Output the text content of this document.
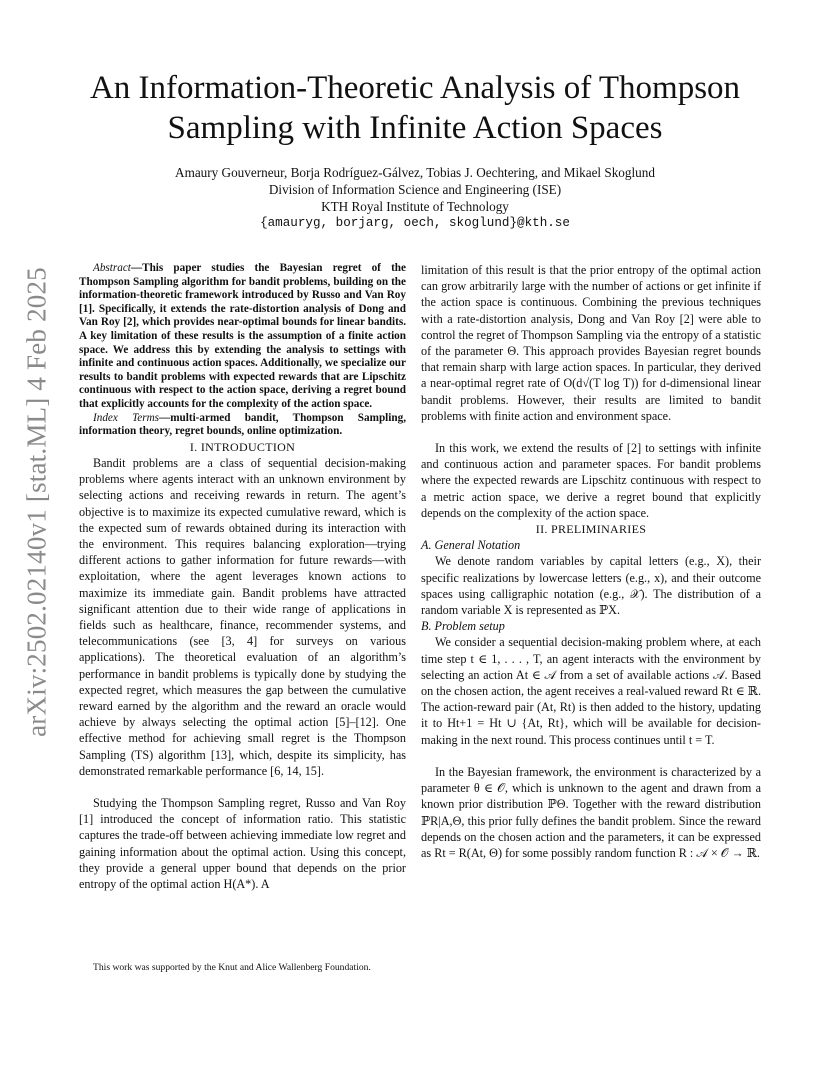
arXiv:2502.02140v1 [stat.ML] 4 Feb 2025
An Information-Theoretic Analysis of Thompson Sampling with Infinite Action Spaces
Amaury Gouverneur, Borja Rodríguez-Gálvez, Tobias J. Oechtering, and Mikael Skoglund
Division of Information Science and Engineering (ISE)
KTH Royal Institute of Technology
{amauryg, borjarg, oech, skoglund}@kth.se

Abstract—This paper studies the Bayesian regret of the Thompson Sampling algorithm for bandit problems, building on the information-theoretic framework introduced by Russo and Van Roy [1]. Specifically, it extends the rate-distortion analysis of Dong and Van Roy [2], which provides near-optimal bounds for linear bandits. A key limitation of these results is the assumption of a finite action space. We address this by extending the analysis to settings with infinite and continuous action spaces. Additionally, we specialize our results to bandit problems with expected rewards that are Lipschitz continuous with respect to the action space, deriving a regret bound that explicitly accounts for the complexity of the action space.

Index Terms—multi-armed bandit, Thompson Sampling, information theory, regret bounds, online optimization.

I. INTRODUCTION

Bandit problems are a class of sequential decision-making problems where agents interact with an unknown environment by selecting actions and receiving rewards in return. The agent’s objective is to maximize its expected cumulative reward, which is the expected sum of rewards obtained during its interaction with the environment. This requires balancing exploration—trying different actions to gather information for future rewards—with exploitation, where the agent leverages known actions to maximize its immediate gain. Bandit problems have attracted significant attention due to their wide range of applications in fields such as healthcare, finance, recommender systems, and telecommunications (see [3, 4] for surveys on various applications). The theoretical evaluation of an algorithm’s performance in bandit problems is typically done by studying the expected regret, which measures the gap between the cumulative reward earned by the algorithm and the reward an oracle would achieve by always selecting the optimal action [5]–[12]. One effective method for achieving small regret is the Thompson Sampling (TS) algorithm [13], which, despite its simplicity, has demonstrated remarkable performance [6, 14, 15].

Studying the Thompson Sampling regret, Russo and Van Roy [1] introduced the concept of information ratio. This statistic captures the trade-off between achieving immediate low regret and gaining information about the optimal action. Using this concept, they provide a general upper bound that depends on the prior entropy of the optimal action H(A*). A

This work was supported by the Knut and Alice Wallenberg Foundation.

limitation of this result is that the prior entropy of the optimal action can grow arbitrarily large with the number of actions or get infinite if the action space is continuous. Combining the previous techniques with a rate-distortion analysis, Dong and Van Roy [2] were able to control the regret of Thompson Sampling via the entropy of a statistic of the parameter Θ. This approach provides Bayesian regret bounds that remain sharp with large action spaces. In particular, they derived a near-optimal regret rate of O(d√(T log T)) for d-dimensional linear bandit problems. However, their results are limited to bandit problems with finite action and environment space.

In this work, we extend the results of [2] to settings with infinite and continuous action and parameter spaces. For bandit problems where the expected rewards are Lipschitz continuous with respect to a metric action space, we derive a regret bound that explicitly depends on the complexity of the action space.

II. PRELIMINARIES

A. General Notation

We denote random variables by capital letters (e.g., X), their specific realizations by lowercase letters (e.g., x), and their outcome spaces using calligraphic notation (e.g., 𝒳). The distribution of a random variable X is represented as ℙX.

B. Problem setup

We consider a sequential decision-making problem where, at each time step t ∈ 1, . . . , T, an agent interacts with the environment by selecting an action At ∈ 𝒜 from a set of available actions 𝒜. Based on the chosen action, the agent receives a real-valued reward Rt ∈ ℝ. The action-reward pair (At, Rt) is then added to the history, updating it to Ht+1 = Ht ∪ {At, Rt}, which will be available for decision-making in the next round. This process continues until t = T.

In the Bayesian framework, the environment is characterized by a parameter θ ∈ 𝒪, which is unknown to the agent and drawn from a known prior distribution ℙΘ. Together with the reward distribution ℙR|A,Θ, this prior fully defines the bandit problem. Since the reward depends on the chosen action and the parameters, it can be expressed as Rt = R(At, Θ) for some possibly random function R : 𝒜 × 𝒪 → ℝ.
